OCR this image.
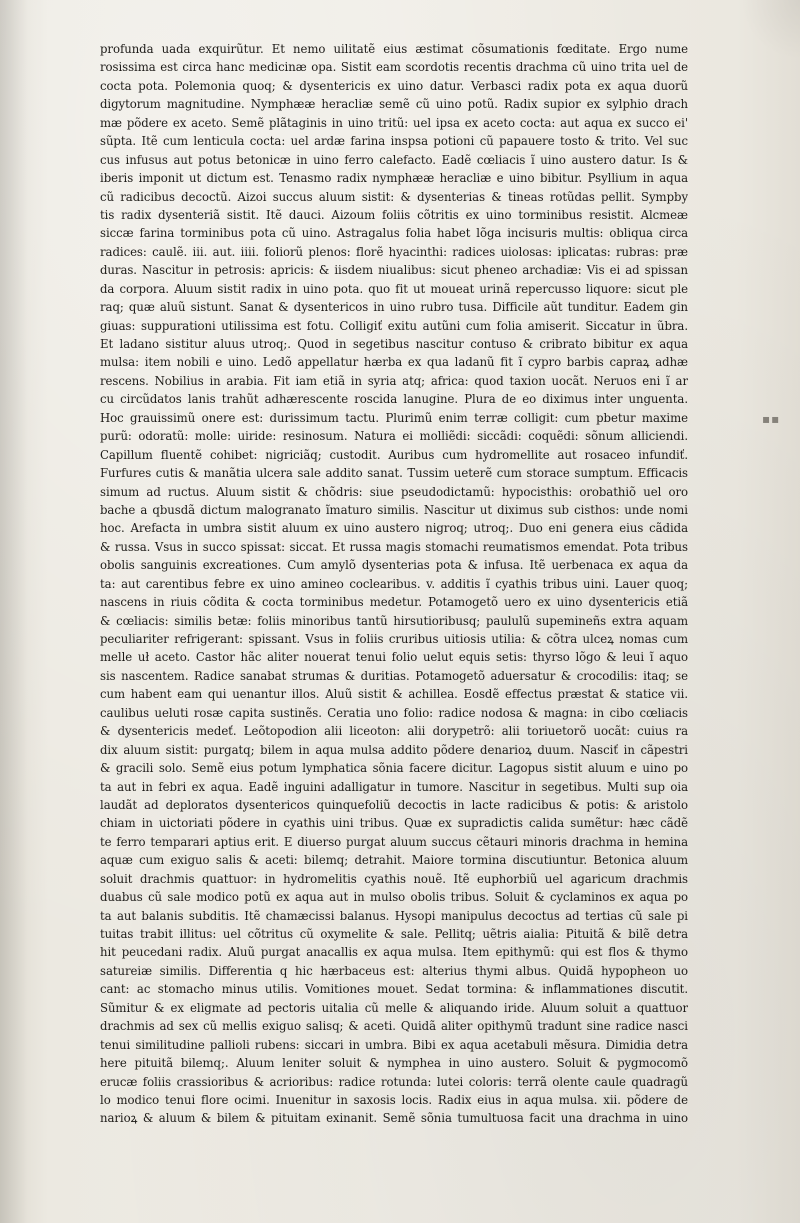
profunda uada exquirũtur. Et nemo uilitatẽ eius æstimat cõsumationis fœditate. Ergo nume
rosissima est circa hanc medicinæ opa. Sistit eam scordotis recentis drachma cũ uino trita uel de
cocta pota. Polemonia quoq; & dysentericis ex uino datur. Verbasci radix pota ex aqua duorũ
digytorum magnitudine. Nymphææ heracliæ semẽ cũ uino potũ. Radix supior ex sylphio drach
mæ põdere ex aceto. Semẽ plãtaginis in uino tritũ: uel ipsa ex aceto cocta: aut aqua ex succo ei'
sũpta. Itẽ cum lenticula cocta: uel ardæ farina inspsa potioni cũ papauere tosto & trito. Vel suc
cus infusus aut potus betonicæ in uino ferro calefacto. Eadẽ cœliacis ĩ uino austero datur. Is &
iberis imponit ut dictum est. Tenasmo radix nymphææ heracliæ e uino bibitur. Psyllium in aqua
cũ radicibus decoctũ. Aizoi succus aluum sistit: & dysenterias & tineas rotũdas pellit. Sympby
tis radix dysenteriã sistit. Itẽ dauci. Aizoum foliis cõtritis ex uino torminibus resistit. Alcmeæ
siccæ farina torminibus pota cũ uino. Astragalus folia habet lõga incisuris multis: obliqua circa
radices: caulẽ. iii. aut. iiii. foliorũ plenos: florẽ hyacinthi: radices uiolosas: iplicatas: rubras: præ
duras. Nascitur in petrosis: apricis: & iisdem niualibus: sicut pheneo archadiæ: Vis ei ad spissan
da corpora. Aluum sistit radix in uino pota. quo fit ut moueat urinã repercusso liquore: sicut ple
raq; quæ aluũ sistunt. Sanat & dysentericos in uino rubro tusa. Difficile aũt tunditur. Eadem gin
giuas: suppurationi utilissima est fotu. Colligiť exitu autũni cum folia amiserit. Siccatur in ũbra.
Et ladano sistitur aluus utroq;. Quod in segetibus nascitur contuso & cribrato bibitur ex aqua
mulsa: item nobili e uino. Ledõ appellatur hærba ex qua ladanũ fit ĩ cypro barbis capraꝝ adhæ
rescens. Nobilius in arabia. Fit iam etiã in syria atq; africa: quod taxion uocãt. Neruos eni ĩ ar
cu circũdatos lanis trahũt adhærescente roscida lanugine. Plura de eo diximus inter unguenta.
Hoc grauissimũ onere est: durissimum tactu. Plurimũ enim terræ colligit: cum pbetur maxime
purũ: odoratũ: molle: uiride: resinosum. Natura ei molliẽdi: siccãdi: coquẽdi: sõnum alliciendi.
Capillum fluentẽ cohibet: nigriciãq; custodit. Auribus cum hydromellite aut rosaceo infundiť.
Furfures cutis & manãtia ulcera sale addito sanat. Tussim ueterẽ cum storace sumptum. Efficacis
simum ad ructus. Aluum sistit & chõdris: siue pseudodictamũ: hypocisthis: orobathiõ uel oro
bache a qbusdã dictum malogranato ĩmaturo similis. Nascitur ut diximus sub cisthos: unde nomi
hoc. Arefacta in umbra sistit aluum ex uino austero nigroq; utroq;. Duo eni genera eius cãdida
& russa. Vsus in succo spissat: siccat. Et russa magis stomachi reumatismos emendat. Pota tribus
obolis sanguinis excreationes. Cum amylõ dysenterias pota & infusa. Itẽ uerbenaca ex aqua da
ta: aut carentibus febre ex uino amineo coclearibus. v. additis ĩ cyathis tribus uini. Lauer quoq;
nascens in riuis cõdita & cocta torminibus medetur. Potamogetõ uero ex uino dysentericis etiã
& cœliacis: similis betæ: foliis minoribus tantũ hirsutioribusq; paululũ supemineñs extra aquam
peculiariter refrigerant: spissant. Vsus in foliis cruribus uitiosis utilia: & cõtra ulceꝝ nomas cum
melle uł aceto. Castor hãc aliter nouerat tenui folio uelut equis setis: thyrso lõgo & leui ĩ aquo
sis nascentem. Radice sanabat strumas & duritias. Potamogetõ aduersatur & crocodilis: itaq; se
cum habent eam qui uenantur illos. Aluũ sistit & achillea. Eosdẽ effectus præstat & statice vii.
caulibus ueluti rosæ capita sustinẽs. Ceratia uno folio: radice nodosa & magna: in cibo cœliacis
& dysentericis medeť. Leõtopodion alii liceoton: alii dorypetrõ: alii toriuetorõ uocãt: cuius ra
dix aluum sistit: purgatq; bilem in aqua mulsa addito põdere denarioꝝ duum. Nasciť in cãpestri
& gracili solo. Semẽ eius potum lymphatica sõnia facere dicitur. Lagopus sistit aluum e uino po
ta aut in febri ex aqua. Eadẽ inguini adalligatur in tumore. Nascitur in segetibus. Multi sup oia
laudãt ad deploratos dysentericos quinquefoliũ decoctis in lacte radicibus & potis: & aristolo
chiam in uictoriati põdere in cyathis uini tribus. Quæ ex supradictis calida sumẽtur: hæc cãdẽ
te ferro temparari aptius erit. E diuerso purgat aluum succus cẽtauri minoris drachma in hemina
aquæ cum exiguo salis & aceti: bilemq; detrahit. Maiore tormina discutiuntur. Betonica aluum
soluit drachmis quattuor: in hydromelitis cyathis nouẽ. Itẽ euphorbiũ uel agaricum drachmis
duabus cũ sale modico potũ ex aqua aut in mulso obolis tribus. Soluit & cyclaminos ex aqua po
ta aut balanis subditis. Itẽ chamæcissi balanus. Hysopi manipulus decoctus ad tertias cũ sale pi
tuitas trabit illitus: uel cõtritus cũ oxymelite & sale. Pellitq; uẽtris aialia: Pituitã & bilẽ detra
hit peucedani radix. Aluũ purgat anacallis ex aqua mulsa. Item epithymũ: qui est flos & thymo
satureiæ similis. Differentia q hic hærbaceus est: alterius thymi albus. Quidã hypopheon uo
cant: ac stomacho minus utilis. Vomitiones mouet. Sedat tormina: & inflammationes discutit.
Sũmitur & ex eligmate ad pectoris uitalia cũ melle & aliquando iride. Aluum soluit a quattuor
drachmis ad sex cũ mellis exiguo salisq; & aceti. Quidã aliter opithymũ tradunt sine radice nasci
tenui similitudine pallioli rubens: siccari in umbra. Bibi ex aqua acetabuli mẽsura. Dimidia detra
here pituitã bilemq;. Aluum leniter soluit & nymphea in uino austero. Soluit & pygmocomõ
erucæ foliis crassioribus & acrioribus: radice rotunda: lutei coloris: terrã olente caule quadragũ
lo modico tenui flore ocimi. Inuenitur in saxosis locis. Radix eius in aqua mulsa. xii. põdere de
narioꝝ & aluum & bilem & pituitam exinanit. Semẽ sõnia tumultuosa facit una drachma in uino
▪▪
